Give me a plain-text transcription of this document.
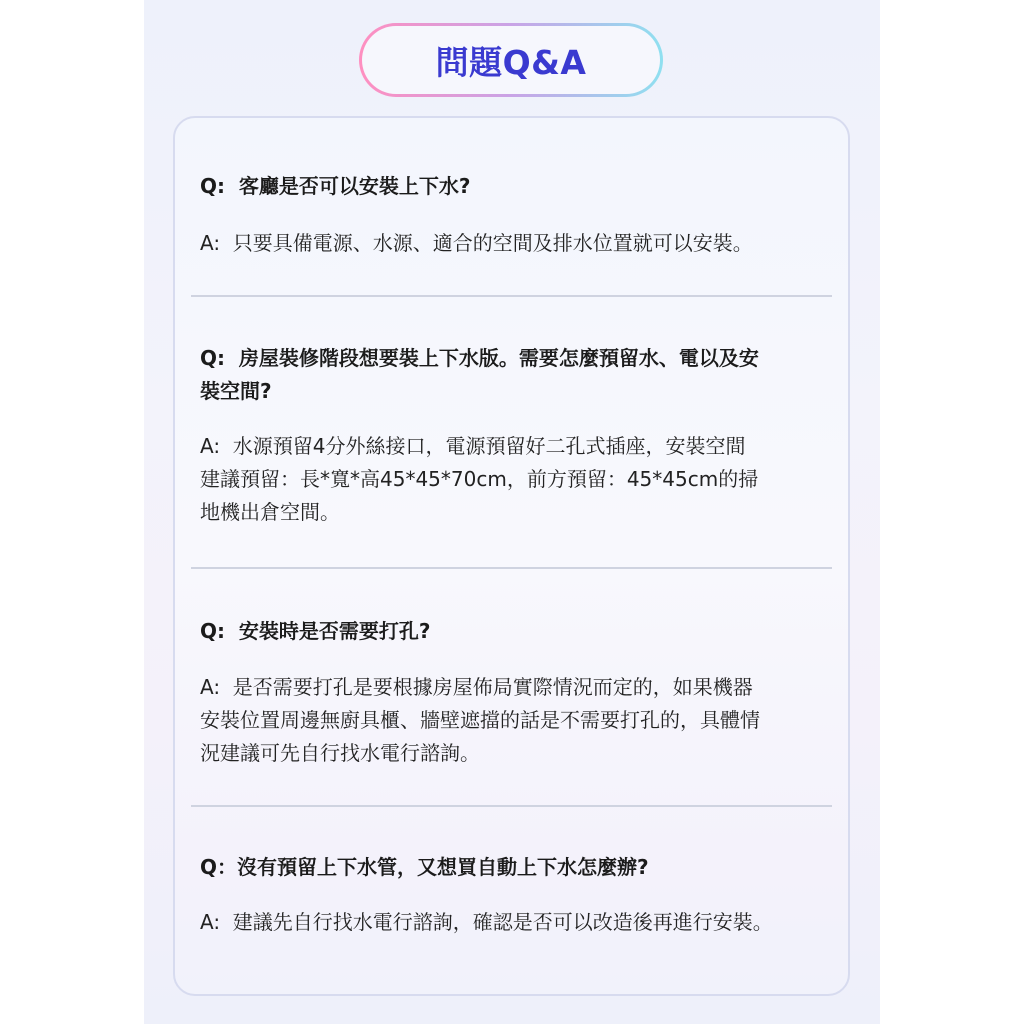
問題Q&A

Q:  客廳是否可以安裝上下水?

A:  只要具備電源、水源、適合的空間及排水位置就可以安裝。

Q:  房屋裝修階段想要裝上下水版。需要怎麼預留水、電以及安
裝空間?

A:  水源預留4分外絲接口，電源預留好二孔式插座，安裝空間
建議預留：長*寬*高45*45*70cm，前方預留：45*45cm的掃
地機出倉空間。

Q:  安裝時是否需要打孔?

A:  是否需要打孔是要根據房屋佈局實際情況而定的，如果機器
安裝位置周邊無廚具櫃、牆壁遮擋的話是不需要打孔的，具體情
況建議可先自行找水電行諮詢。

Q：沒有預留上下水管，又想買自動上下水怎麼辦?

A:  建議先自行找水電行諮詢，確認是否可以改造後再進行安裝。
